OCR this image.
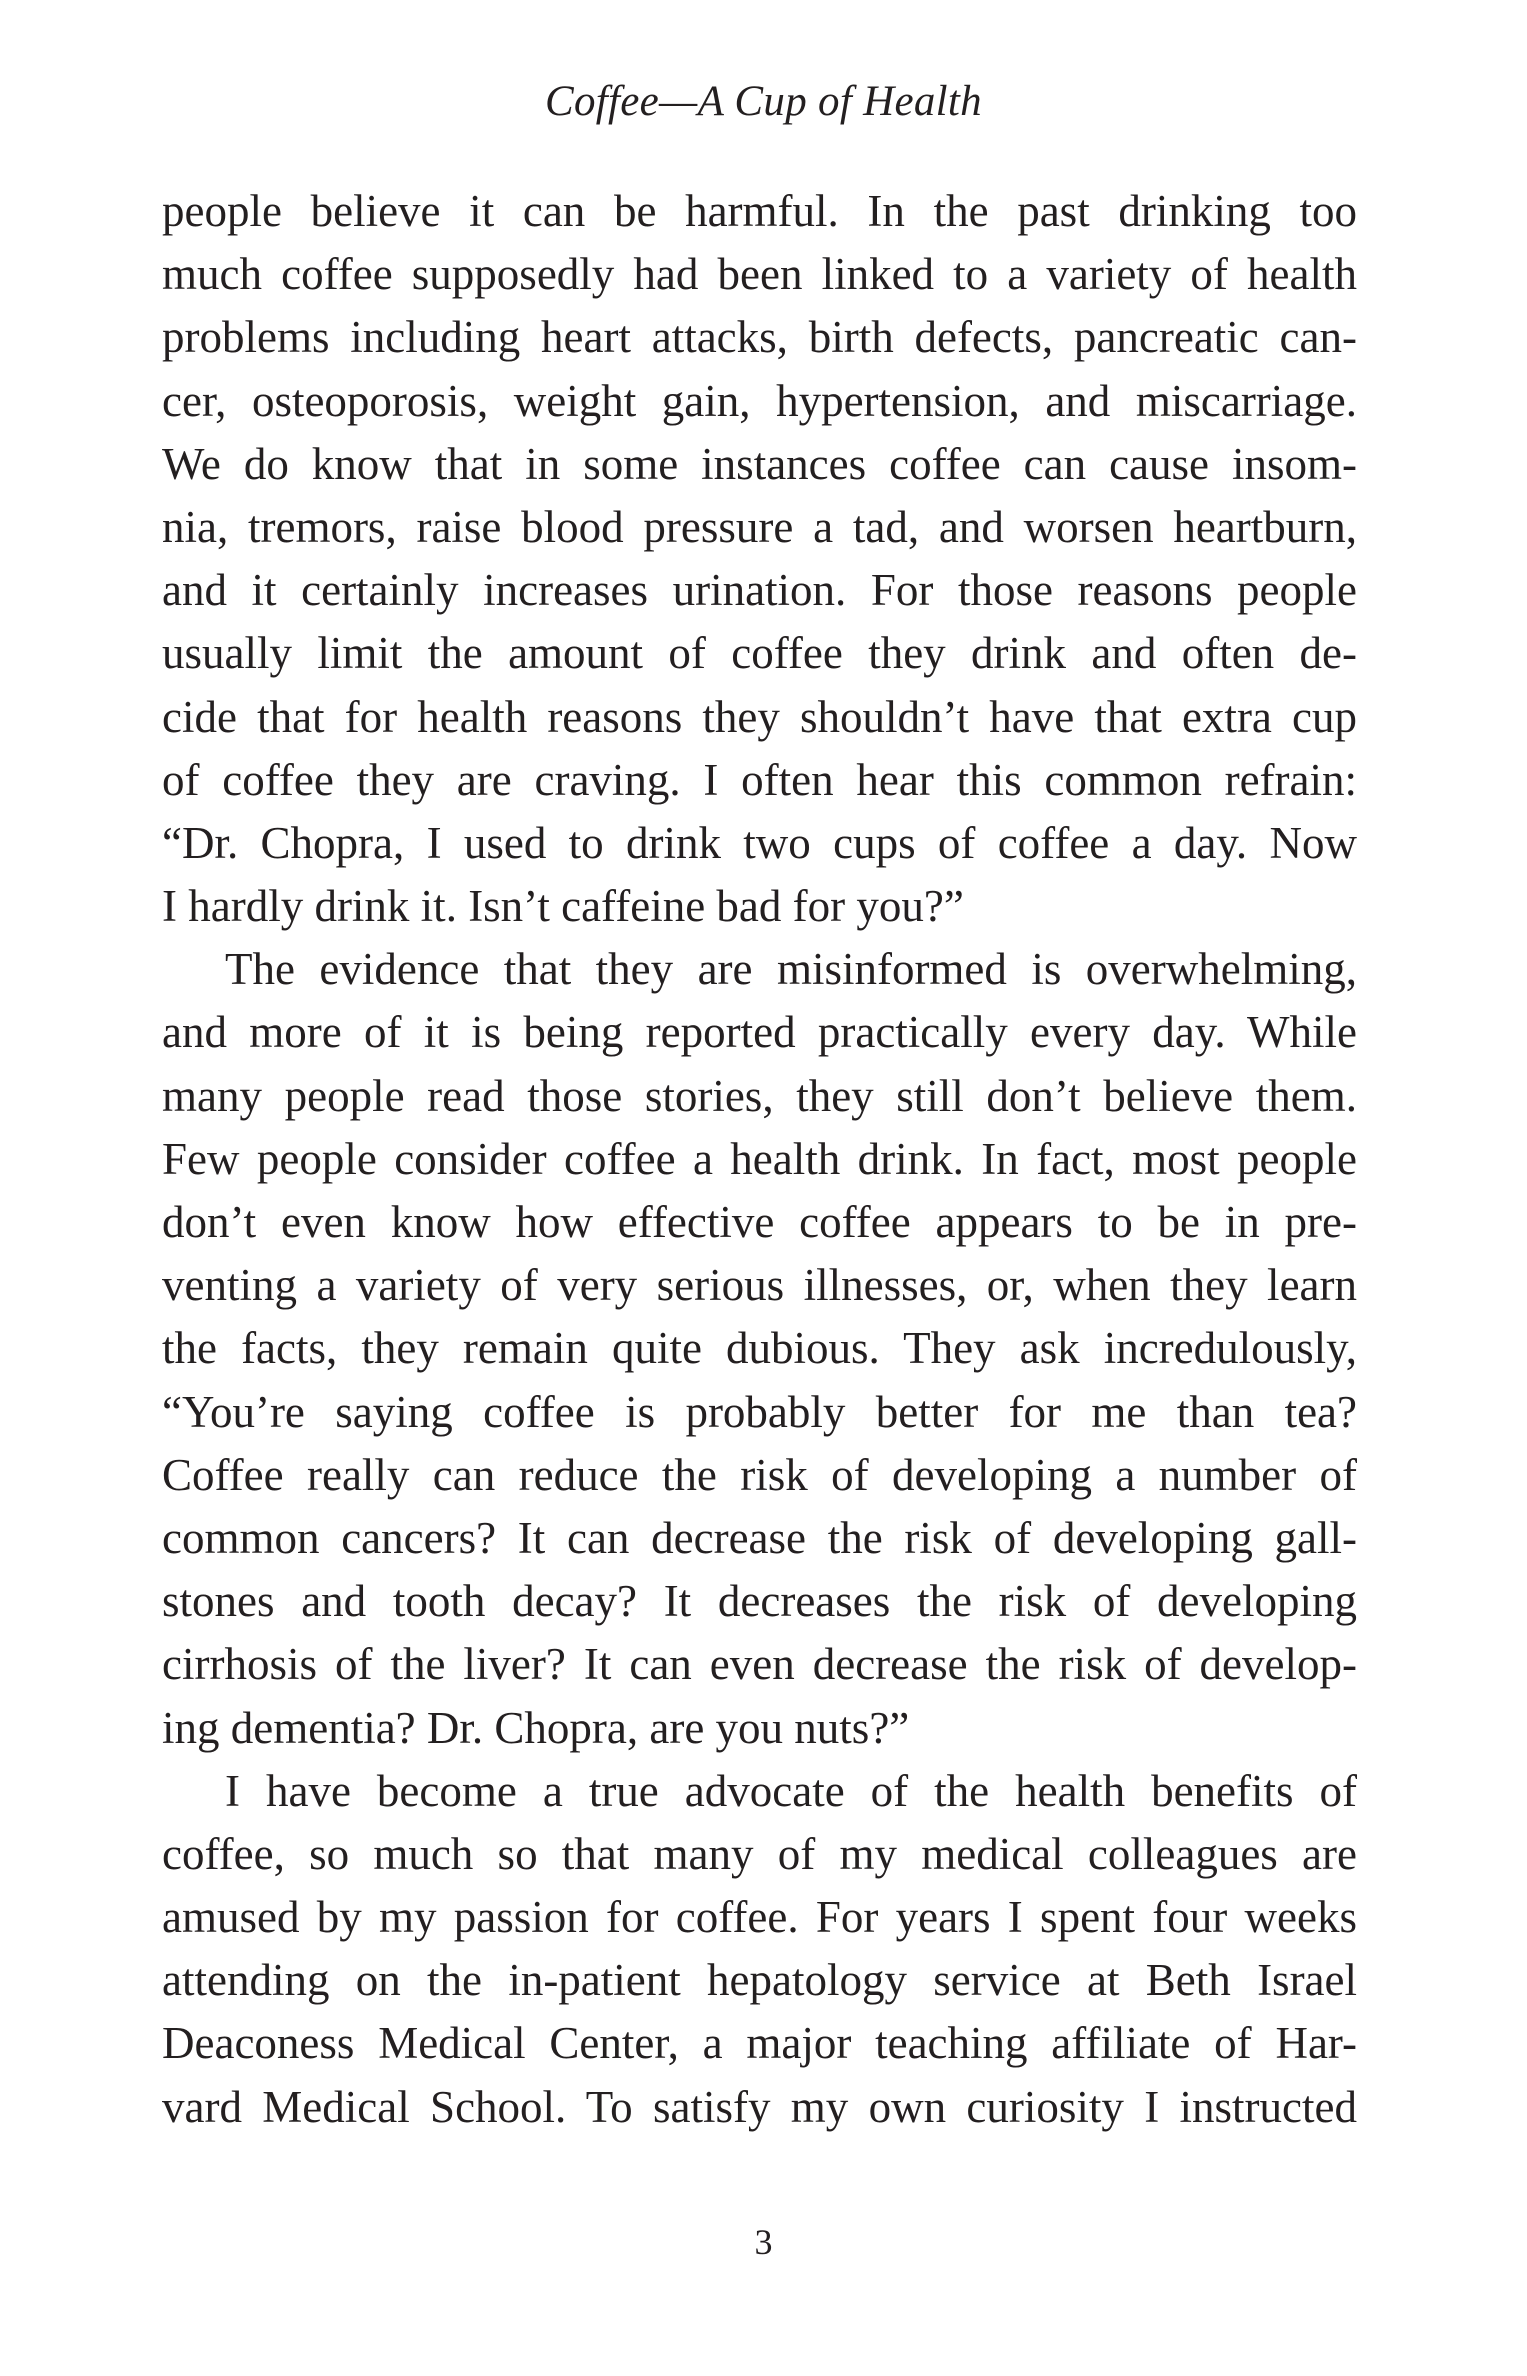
Coffee—A Cup of Health
people believe it can be harmful. In the past drinking too
much coffee supposedly had been linked to a variety of health
problems including heart attacks, birth defects, pancreatic can-
cer, osteoporosis, weight gain, hypertension, and miscarriage.
We do know that in some instances coffee can cause insom-
nia, tremors, raise blood pressure a tad, and worsen heartburn,
and it certainly increases urination. For those reasons people
usually limit the amount of coffee they drink and often de-
cide that for health reasons they shouldn’t have that extra cup
of coffee they are craving. I often hear this common refrain:
“Dr. Chopra, I used to drink two cups of coffee a day. Now
I hardly drink it. Isn’t caffeine bad for you?”
The evidence that they are misinformed is overwhelming,
and more of it is being reported practically every day. While
many people read those stories, they still don’t believe them.
Few people consider coffee a health drink. In fact, most people
don’t even know how effective coffee appears to be in pre-
venting a variety of very serious illnesses, or, when they learn
the facts, they remain quite dubious. They ask incredulously,
“You’re saying coffee is probably better for me than tea?
Coffee really can reduce the risk of developing a number of
common cancers? It can decrease the risk of developing gall-
stones and tooth decay? It decreases the risk of developing
cirrhosis of the liver? It can even decrease the risk of develop-
ing dementia? Dr. Chopra, are you nuts?”
I have become a true advocate of the health benefits of
coffee, so much so that many of my medical colleagues are
amused by my passion for coffee. For years I spent four weeks
attending on the in-patient hepatology service at Beth Israel
Deaconess Medical Center, a major teaching affiliate of Har-
vard Medical School. To satisfy my own curiosity I instructed
3
